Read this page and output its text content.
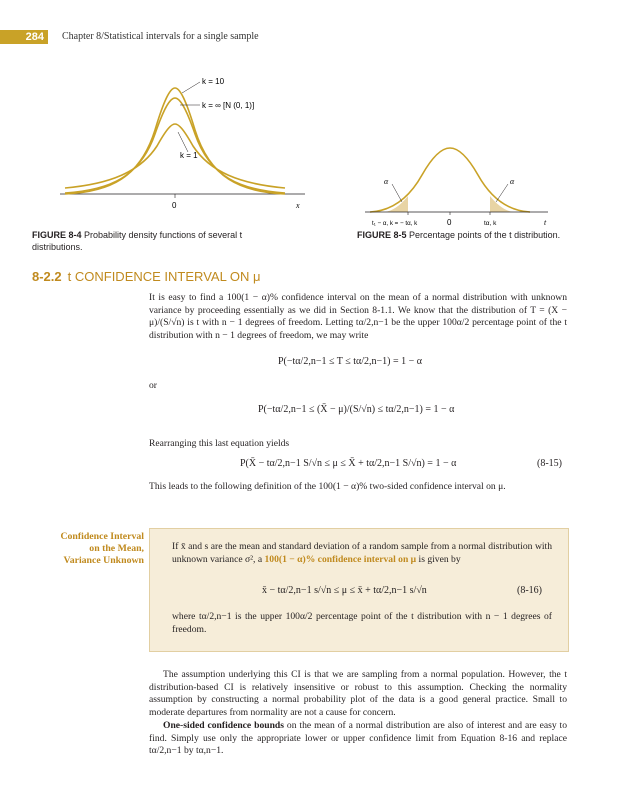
284	Chapter 8/Statistical intervals for a single sample
k = 10
k = ∞ [N (0, 1)]
k = 1
0	x
FIGURE 8-4 Probability density functions of several t distributions.
α	α
t₁ − α, k = − tα, k	0	tα, k	t
FIGURE 8-5 Percentage points of the t distribution.
8-2.2 t CONFIDENCE INTERVAL ON μ
It is easy to find a 100(1 − α)% confidence interval on the mean of a normal distribution with unknown variance by proceeding essentially as we did in Section 8-1.1. We know that the distribution of T = (X − μ)/(S/√n) is t with n − 1 degrees of freedom. Letting tα/2,n−1 be the upper 100α/2 percentage point of the t distribution with n − 1 degrees of freedom, we may write
P(−tα/2,n−1 ≤ T ≤ tα/2,n−1) = 1 − α
or
P(−tα/2,n−1 ≤ (X̄ − μ)/(S/√n) ≤ tα/2,n−1) = 1 − α
Rearranging this last equation yields
P(X̄ − tα/2,n−1 S/√n ≤ μ ≤ X̄ + tα/2,n−1 S/√n) = 1 − α	(8-15)
This leads to the following definition of the 100(1 − α)% two-sided confidence interval on μ.
Confidence Interval on the Mean, Variance Unknown
If x̄ and s are the mean and standard deviation of a random sample from a normal distribution with unknown variance σ², a 100(1 − α)% confidence interval on μ is given by
x̄ − tα/2,n−1 s/√n ≤ μ ≤ x̄ + tα/2,n−1 s/√n	(8-16)
where tα/2,n−1 is the upper 100α/2 percentage point of the t distribution with n − 1 degrees of freedom.
The assumption underlying this CI is that we are sampling from a normal population. However, the t distribution-based CI is relatively insensitive or robust to this assumption. Checking the normality assumption by constructing a normal probability plot of the data is a good general practice. Small to moderate departures from normality are not a cause for concern.
One-sided confidence bounds on the mean of a normal distribution are also of interest and are easy to find. Simply use only the appropriate lower or upper confidence limit from Equation 8-16 and replace tα/2,n−1 by tα,n−1.
